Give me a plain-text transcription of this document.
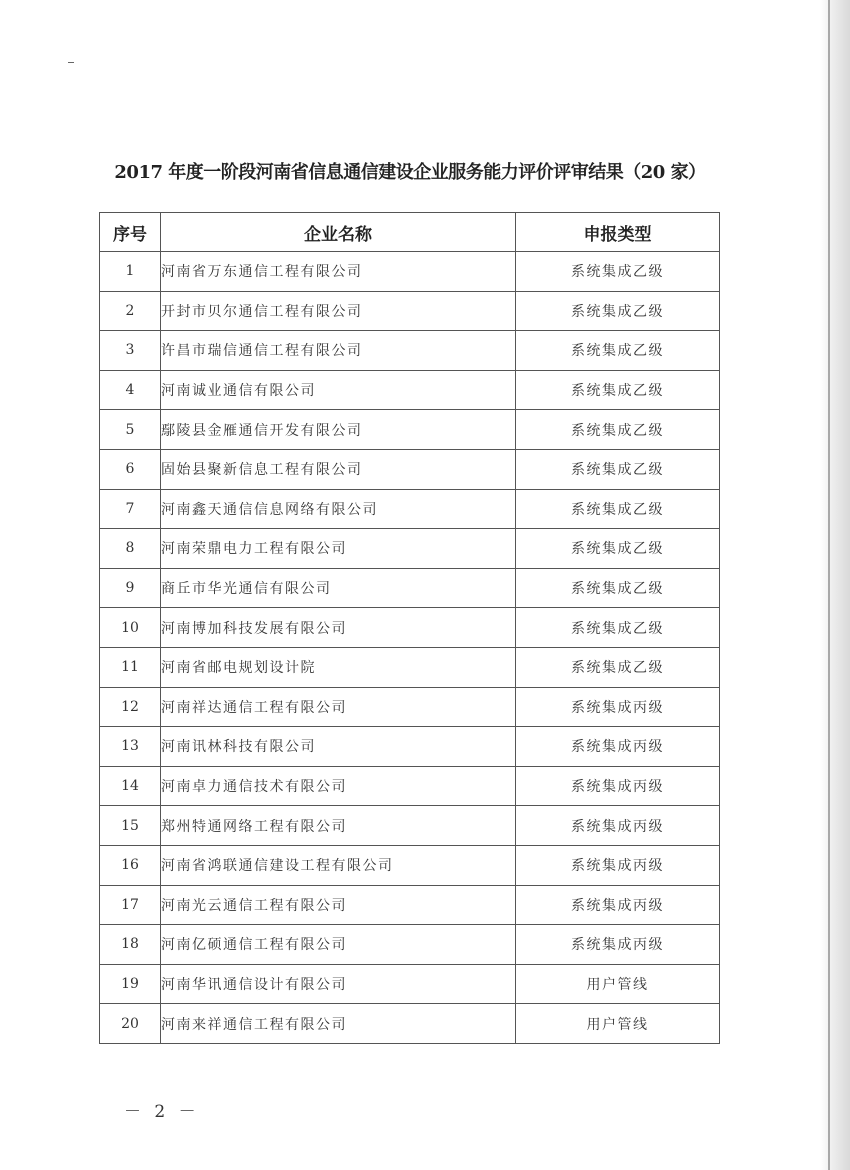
2017 年度一阶段河南省信息通信建设企业服务能力评价评审结果（20 家）
序号	企业名称	申报类型
1	河南省万东通信工程有限公司	系统集成乙级
2	开封市贝尔通信工程有限公司	系统集成乙级
3	许昌市瑞信通信工程有限公司	系统集成乙级
4	河南诚业通信有限公司	系统集成乙级
5	鄢陵县金雁通信开发有限公司	系统集成乙级
6	固始县聚新信息工程有限公司	系统集成乙级
7	河南鑫天通信信息网络有限公司	系统集成乙级
8	河南荣鼎电力工程有限公司	系统集成乙级
9	商丘市华光通信有限公司	系统集成乙级
10	河南博加科技发展有限公司	系统集成乙级
11	河南省邮电规划设计院	系统集成乙级
12	河南祥达通信工程有限公司	系统集成丙级
13	河南讯林科技有限公司	系统集成丙级
14	河南卓力通信技术有限公司	系统集成丙级
15	郑州特通网络工程有限公司	系统集成丙级
16	河南省鸿联通信建设工程有限公司	系统集成丙级
17	河南光云通信工程有限公司	系统集成丙级
18	河南亿硕通信工程有限公司	系统集成丙级
19	河南华讯通信设计有限公司	用户管线
20	河南来祥通信工程有限公司	用户管线
－ 2 －
